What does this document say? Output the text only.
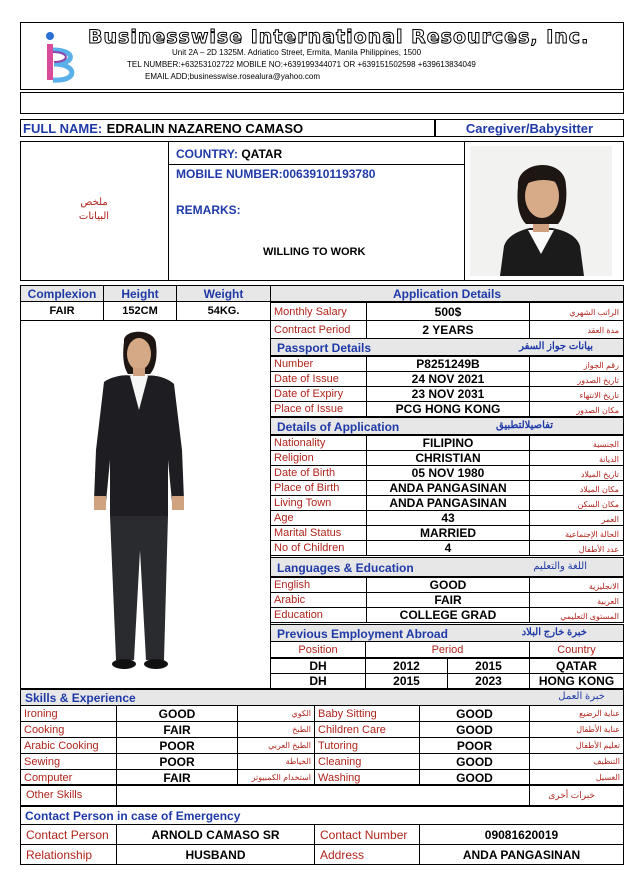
Businesswise International Resources, Inc.
Unit 2A – 2D 1325M. Adriatico Street, Ermita, Manila Philippines, 1500
TEL NUMBER:+63253102722 MOBILE NO:+639199344071 OR +639151502598 +639613834049
EMAIL ADD;businesswise.rosealura@yahoo.com
FULL NAME: EDRALIN NAZARENO CAMASO	Caregiver/Babysitter
ملخص البيانات
COUNTRY: QATAR
MOBILE NUMBER:00639101193780
REMARKS:
WILLING TO WORK
Complexion	Height	Weight
FAIR	152CM	54KG.
Application Details
Monthly Salary	500$	الراتب الشهري
Contract Period	2 YEARS	مدة العقد
Passport Details	بيانات جواز السفر
Number	P8251249B	رقم الجواز
Date of Issue	24 NOV 2021	تاريخ الصدور
Date of Expiry	23 NOV 2031	تاريخ الانتهاء
Place of Issue	PCG HONG KONG	مكان الصدور
Details of Application	تفاصيلالتطبيق
Nationality	FILIPINO	الجنسية
Religion	CHRISTIAN	الديانة
Date of Birth	05 NOV 1980	تاريخ الميلاد
Place of Birth	ANDA PANGASINAN	مكان الميلاد
Living Town	ANDA PANGASINAN	مكان السكن
Age	43	العمر
Marital Status	MARRIED	الحالة الإجتماعية
No of Children	4	عدد الأطفال
Languages & Education	اللغة والتعليم
English	GOOD	الانجليزية
Arabic	FAIR	العربية
Education	COLLEGE GRAD	المستوى التعليمي
Previous Employment Abroad	خبرة خارج البلاد
Position	Period	Country
DH	2012	2015	QATAR
DH	2015	2023	HONG KONG
Skills & Experience	خبرة العمل
Ironing	GOOD	الكوي Baby Sitting	GOOD	عناية الرضيع
Cooking	FAIR	الطبخ Children Care	GOOD	عناية الأطفال
Arabic Cooking	POOR	الطبخ العربي Tutoring	POOR	تعليم الأطفال
Sewing	POOR	الخياطة Cleaning	GOOD	التنظيف
Computer	FAIR	استخدام الكمبيوتر Washing	GOOD	الغسيل
Other Skills	خبرات أخرى
Contact Person in case of Emergency
Contact Person	ARNOLD CAMASO SR	Contact Number	09081620019
Relationship	HUSBAND	Address	ANDA PANGASINAN
